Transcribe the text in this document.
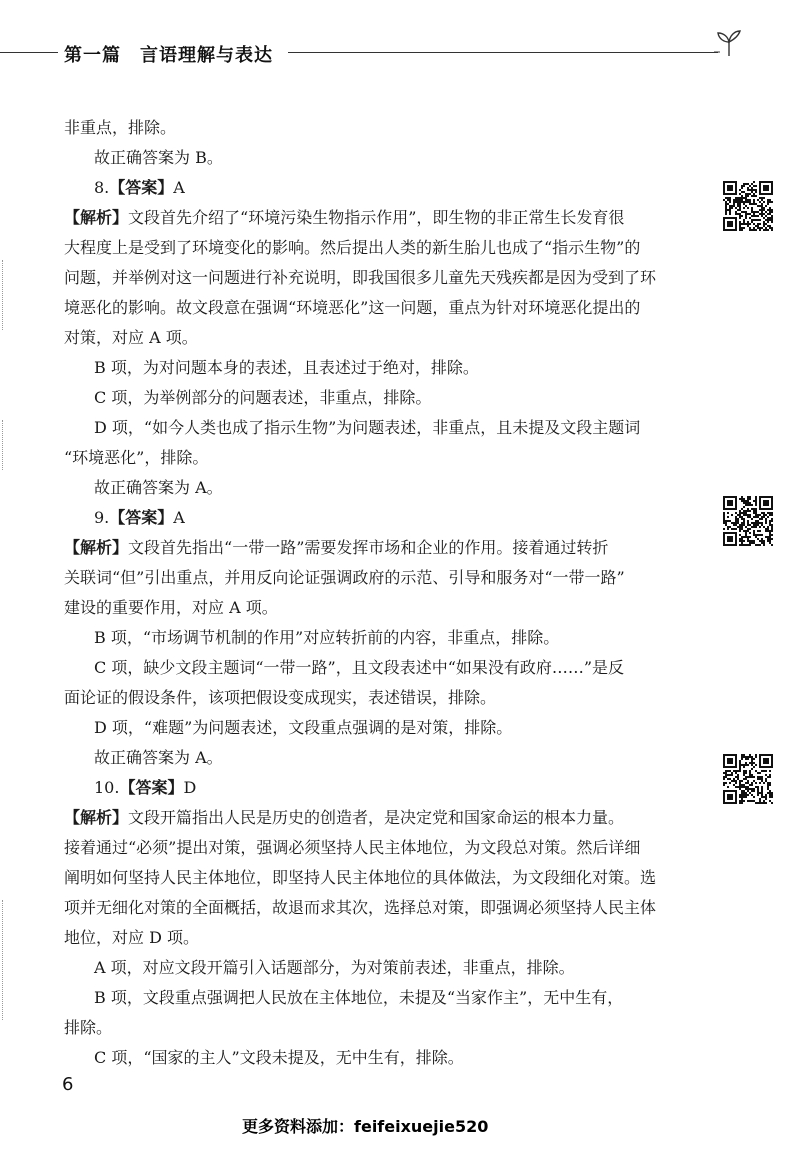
第一篇　言语理解与表达
非重点，排除。
故正确答案为 B。
8.【答案】A
【解析】文段首先介绍了“环境污染生物指示作用”，即生物的非正常生长发育很
大程度上是受到了环境变化的影响。然后提出人类的新生胎儿也成了“指示生物”的
问题，并举例对这一问题进行补充说明，即我国很多儿童先天残疾都是因为受到了环
境恶化的影响。故文段意在强调“环境恶化”这一问题，重点为针对环境恶化提出的
对策，对应 A 项。
B 项，为对问题本身的表述，且表述过于绝对，排除。
C 项，为举例部分的问题表述，非重点，排除。
D 项，“如今人类也成了指示生物”为问题表述，非重点，且未提及文段主题词
“环境恶化”，排除。
故正确答案为 A。
9.【答案】A
【解析】文段首先指出“一带一路”需要发挥市场和企业的作用。接着通过转折
关联词“但”引出重点，并用反向论证强调政府的示范、引导和服务对“一带一路”
建设的重要作用，对应 A 项。
B 项，“市场调节机制的作用”对应转折前的内容，非重点，排除。
C 项，缺少文段主题词“一带一路”，且文段表述中“如果没有政府……”是反
面论证的假设条件，该项把假设变成现实，表述错误，排除。
D 项，“难题”为问题表述，文段重点强调的是对策，排除。
故正确答案为 A。
10.【答案】D
【解析】文段开篇指出人民是历史的创造者，是决定党和国家命运的根本力量。
接着通过“必须”提出对策，强调必须坚持人民主体地位，为文段总对策。然后详细
阐明如何坚持人民主体地位，即坚持人民主体地位的具体做法，为文段细化对策。选
项并无细化对策的全面概括，故退而求其次，选择总对策，即强调必须坚持人民主体
地位，对应 D 项。
A 项，对应文段开篇引入话题部分，为对策前表述，非重点，排除。
B 项，文段重点强调把人民放在主体地位，未提及“当家作主”，无中生有，
排除。
C 项，“国家的主人”文段未提及，无中生有，排除。
6
更多资料添加：feifeixuejie520
